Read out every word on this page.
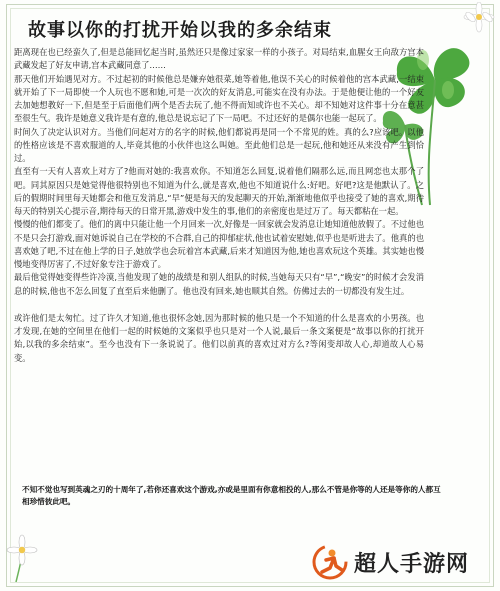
故事以你的打扰开始以我的多余结束

距离现在也已经蛮久了,但是总能回忆起当时,虽然还只是像过家家一样的小孩子。对局结束,血腥女王向敌方宫本武藏发起了好友申请,宫本武藏同意了……

那天他们开始遇见对方。不过起初的时候他总是嫌弃她很菜,她等着他,他误不关心的时候着他的宫本武藏,一结束就开始了下一局即使一个人玩也不愿和她,可是一次次的好友消息,可能实在没有办法。于是他便让他的一个好友去加她想教好一下,但是至于后面他们两个是否去玩了,他不得而知或许也不关心。却不知她对这件事十分在意甚至很生气。我许是她意义我许是有意的,他总是说忘记了下一局吧。不过还好的是偶尔也能一起玩了。

时间久了决定认识对方。当他们问起对方的名字的时候,他们都说再是同一个不常见的姓。真的么?应该吧。以他的性格应该是不喜欢服道的人,毕竟其他的小伙伴也这么叫她。至此他们总是一起玩,他和她还从来没有产生到恰过。

直至有一天有人喜欢上对方了?他而对她的:我喜欢你。不知道怎么回复,说着他们隔那么远,而且网恋也太那个了吧。同其原因只是她觉得他很特别也不知道为什么,就是喜欢,他也不知道说什么:好吧。好吧?这是他默认了。之后的假期时间里每天她都会和他互发消息,“早”便是每天的发起聊天的开始,渐渐地他似乎也接受了她的喜欢,期待每天的特别关心提示音,期待每天的日常开黑,游戏中发生的事,他们的亲密度也是过万了。每天都粘在一起。

慢慢的他们都变了。他们的离中只能让他一个月回来一次,好像是一回家就会发消息让她知道他放假了。不过他也不是只会打游戏,面对她诉说自己在学校的不合群,自己的抑郁症状,他也试着安慰她,似乎也是听进去了。他真的也喜欢她了吧,不过在他上学的日子,她放学也会玩着宫本武藏,后来才知道因为他,她也喜欢玩这个英雄。其实她也慢慢地变得厉害了,不过好象专注于游戏了。

最后他觉得她变得些许冷漠,当他发现了她的战绩是和别人组队的时候,当她每天只有“早”,“晚安”的时候才会发消息的时候,他也不怎么回复了直至后来他删了。他也没有回来,她也顺其自然。仿佛过去的一切都没有发生过。

或许他们是太匆忙。过了许久才知道,他也很怀念她,因为那时候的他只是一个不知道的什么是喜欢的小男孩。也才发现,在她的空间里在他们一起的时候她的文案似乎也只是对一个人说,最后一条文案便是“故事以你的打扰开始,以我的多余结束”。至今也没有下一条说说了。他们以前真的喜欢过对方么?等闲变却故人心,却道故人心易变。

不知不觉也写到英魂之刃的十周年了,若你还喜欢这个游戏,亦或是里面有你意相投的人,那么不管是你等的人还是等你的人都互相珍惜彼此吧。
超人手游网
